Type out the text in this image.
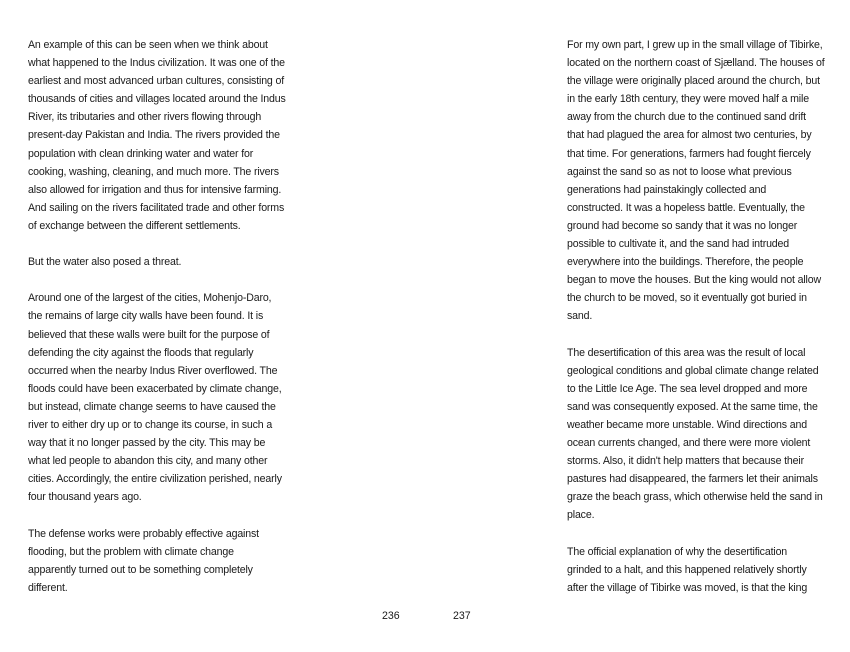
An example of this can be seen when we think about
what happened to the Indus civilization. It was one of the
earliest and most advanced urban cultures, consisting of
thousands of cities and villages located around the Indus
River, its tributaries and other rivers flowing through
present-day Pakistan and India. The rivers provided the
population with clean drinking water and water for
cooking, washing, cleaning, and much more. The rivers
also allowed for irrigation and thus for intensive farming.
And sailing on the rivers facilitated trade and other forms
of exchange between the different settlements.

But the water also posed a threat.

Around one of the largest of the cities, Mohenjo-Daro,
the remains of large city walls have been found. It is
believed that these walls were built for the purpose of
defending the city against the floods that regularly
occurred when the nearby Indus River overflowed. The
floods could have been exacerbated by climate change,
but instead, climate change seems to have caused the
river to either dry up or to change its course, in such a
way that it no longer passed by the city. This may be
what led people to abandon this city, and many other
cities. Accordingly, the entire civilization perished, nearly
four thousand years ago.

The defense works were probably effective against
flooding, but the problem with climate change
apparently turned out to be something completely
different.

236

For my own part, I grew up in the small village of Tibirke,
located on the northern coast of Sjælland. The houses of
the village were originally placed around the church, but
in the early 18th century, they were moved half a mile
away from the church due to the continued sand drift
that had plagued the area for almost two centuries, by
that time. For generations, farmers had fought fiercely
against the sand so as not to loose what previous
generations had painstakingly collected and
constructed. It was a hopeless battle. Eventually, the
ground had become so sandy that it was no longer
possible to cultivate it, and the sand had intruded
everywhere into the buildings. Therefore, the people
began to move the houses. But the king would not allow
the church to be moved, so it eventually got buried in
sand.

The desertification of this area was the result of local
geological conditions and global climate change related
to the Little Ice Age. The sea level dropped and more
sand was consequently exposed. At the same time, the
weather became more unstable. Wind directions and
ocean currents changed, and there were more violent
storms. Also, it didn't help matters that because their
pastures had disappeared, the farmers let their animals
graze the beach grass, which otherwise held the sand in
place.

The official explanation of why the desertification
grinded to a halt, and this happened relatively shortly
after the village of Tibirke was moved, is that the king

237
